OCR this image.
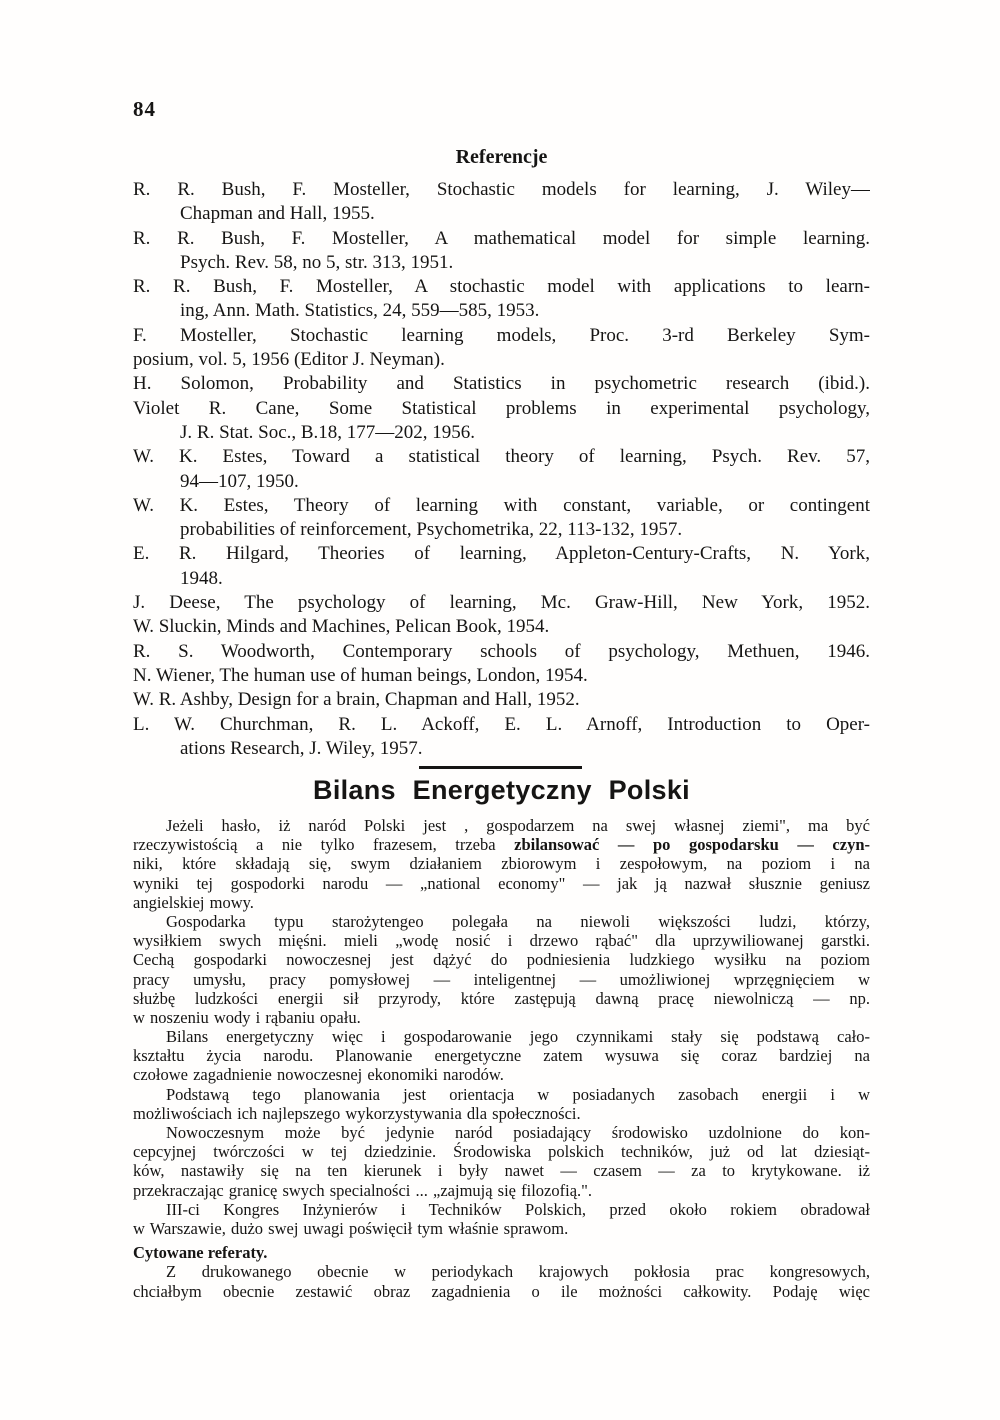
84
Referencje
R. R. Bush, F. Mosteller, Stochastic models for learning, J. Wiley—
Chapman and Hall, 1955.
R. R. Bush, F. Mosteller, A mathematical model for simple learning.
Psych. Rev. 58, no 5, str. 313, 1951.
R. R. Bush, F. Mosteller, A stochastic model with applications to learn-
ing, Ann. Math. Statistics, 24, 559—585, 1953.
F. Mosteller, Stochastic learning models, Proc. 3-rd Berkeley Sym-
posium, vol. 5, 1956 (Editor J. Neyman).
H. Solomon, Probability and Statistics in psychometric research (ibid.).
Violet R. Cane, Some Statistical problems in experimental psychology,
J. R. Stat. Soc., B.18, 177—202, 1956.
W. K. Estes, Toward a statistical theory of learning, Psych. Rev. 57,
94—107, 1950.
W. K. Estes, Theory of learning with constant, variable, or contingent
probabilities of reinforcement, Psychometrika, 22, 113-132, 1957.
E. R. Hilgard, Theories of learning, Appleton-Century-Crafts, N. York,
1948.
J. Deese, The psychology of learning, Mc. Graw-Hill, New York, 1952.
W. Sluckin, Minds and Machines, Pelican Book, 1954.
R. S. Woodworth, Contemporary schools of psychology, Methuen, 1946.
N. Wiener, The human use of human beings, London, 1954.
W. R. Ashby, Design for a brain, Chapman and Hall, 1952.
L. W. Churchman, R. L. Ackoff, E. L. Arnoff, Introduction to Oper-
ations Research, J. Wiley, 1957.
Bilans Energetyczny Polski
Jeżeli hasło, iż naród Polski jest , gospodarzem na swej własnej ziemi", ma być
rzeczywistością a nie tylko frazesem, trzeba zbilansować — po gospodarsku — czyn-
niki, które składają się, swym działaniem zbiorowym i zespołowym, na poziom i na
wyniki tej gospodorki narodu — „national economy" — jak ją nazwał słusznie geniusz
angielskiej mowy.
Gospodarka typu starożytengeo polegała na niewoli większości ludzi, którzy,
wysiłkiem swych mięśni. mieli „wodę nosić i drzewo rąbać" dla uprzywiliowanej garstki.
Cechą gospodarki nowoczesnej jest dążyć do podniesienia ludzkiego wysiłku na poziom
pracy umysłu, pracy pomysłowej — inteligentnej — umożliwionej wprzęgnięciem w
służbę ludzkości energii sił przyrody, które zastępują dawną pracę niewolniczą — np.
w noszeniu wody i rąbaniu opału.
Bilans energetyczny więc i gospodarowanie jego czynnikami stały się podstawą cało-
kształtu życia narodu. Planowanie energetyczne zatem wysuwa się coraz bardziej na
czołowe zagadnienie nowoczesnej ekonomiki narodów.
Podstawą tego planowania jest orientacja w posiadanych zasobach energii i w
możliwościach ich najlepszego wykorzystywania dla społeczności.
Nowoczesnym może być jedynie naród posiadający środowisko uzdolnione do kon-
cepcyjnej twórczości w tej dziedzinie. Środowiska polskich techników, już od lat dziesiąt-
ków, nastawiły się na ten kierunek i były nawet — czasem — za to krytykowane. iż
przekraczając granicę swych specialności ... „zajmują się filozofią.".
III-ci Kongres Inżynierów i Techników Polskich, przed około rokiem obradował
w Warszawie, dużo swej uwagi poświęcił tym właśnie sprawom.
Cytowane referaty.
Z drukowanego obecnie w periodykach krajowych pokłosia prac kongresowych,
chciałbym obecnie zestawić obraz zagadnienia o ile możności całkowity. Podaję więc
